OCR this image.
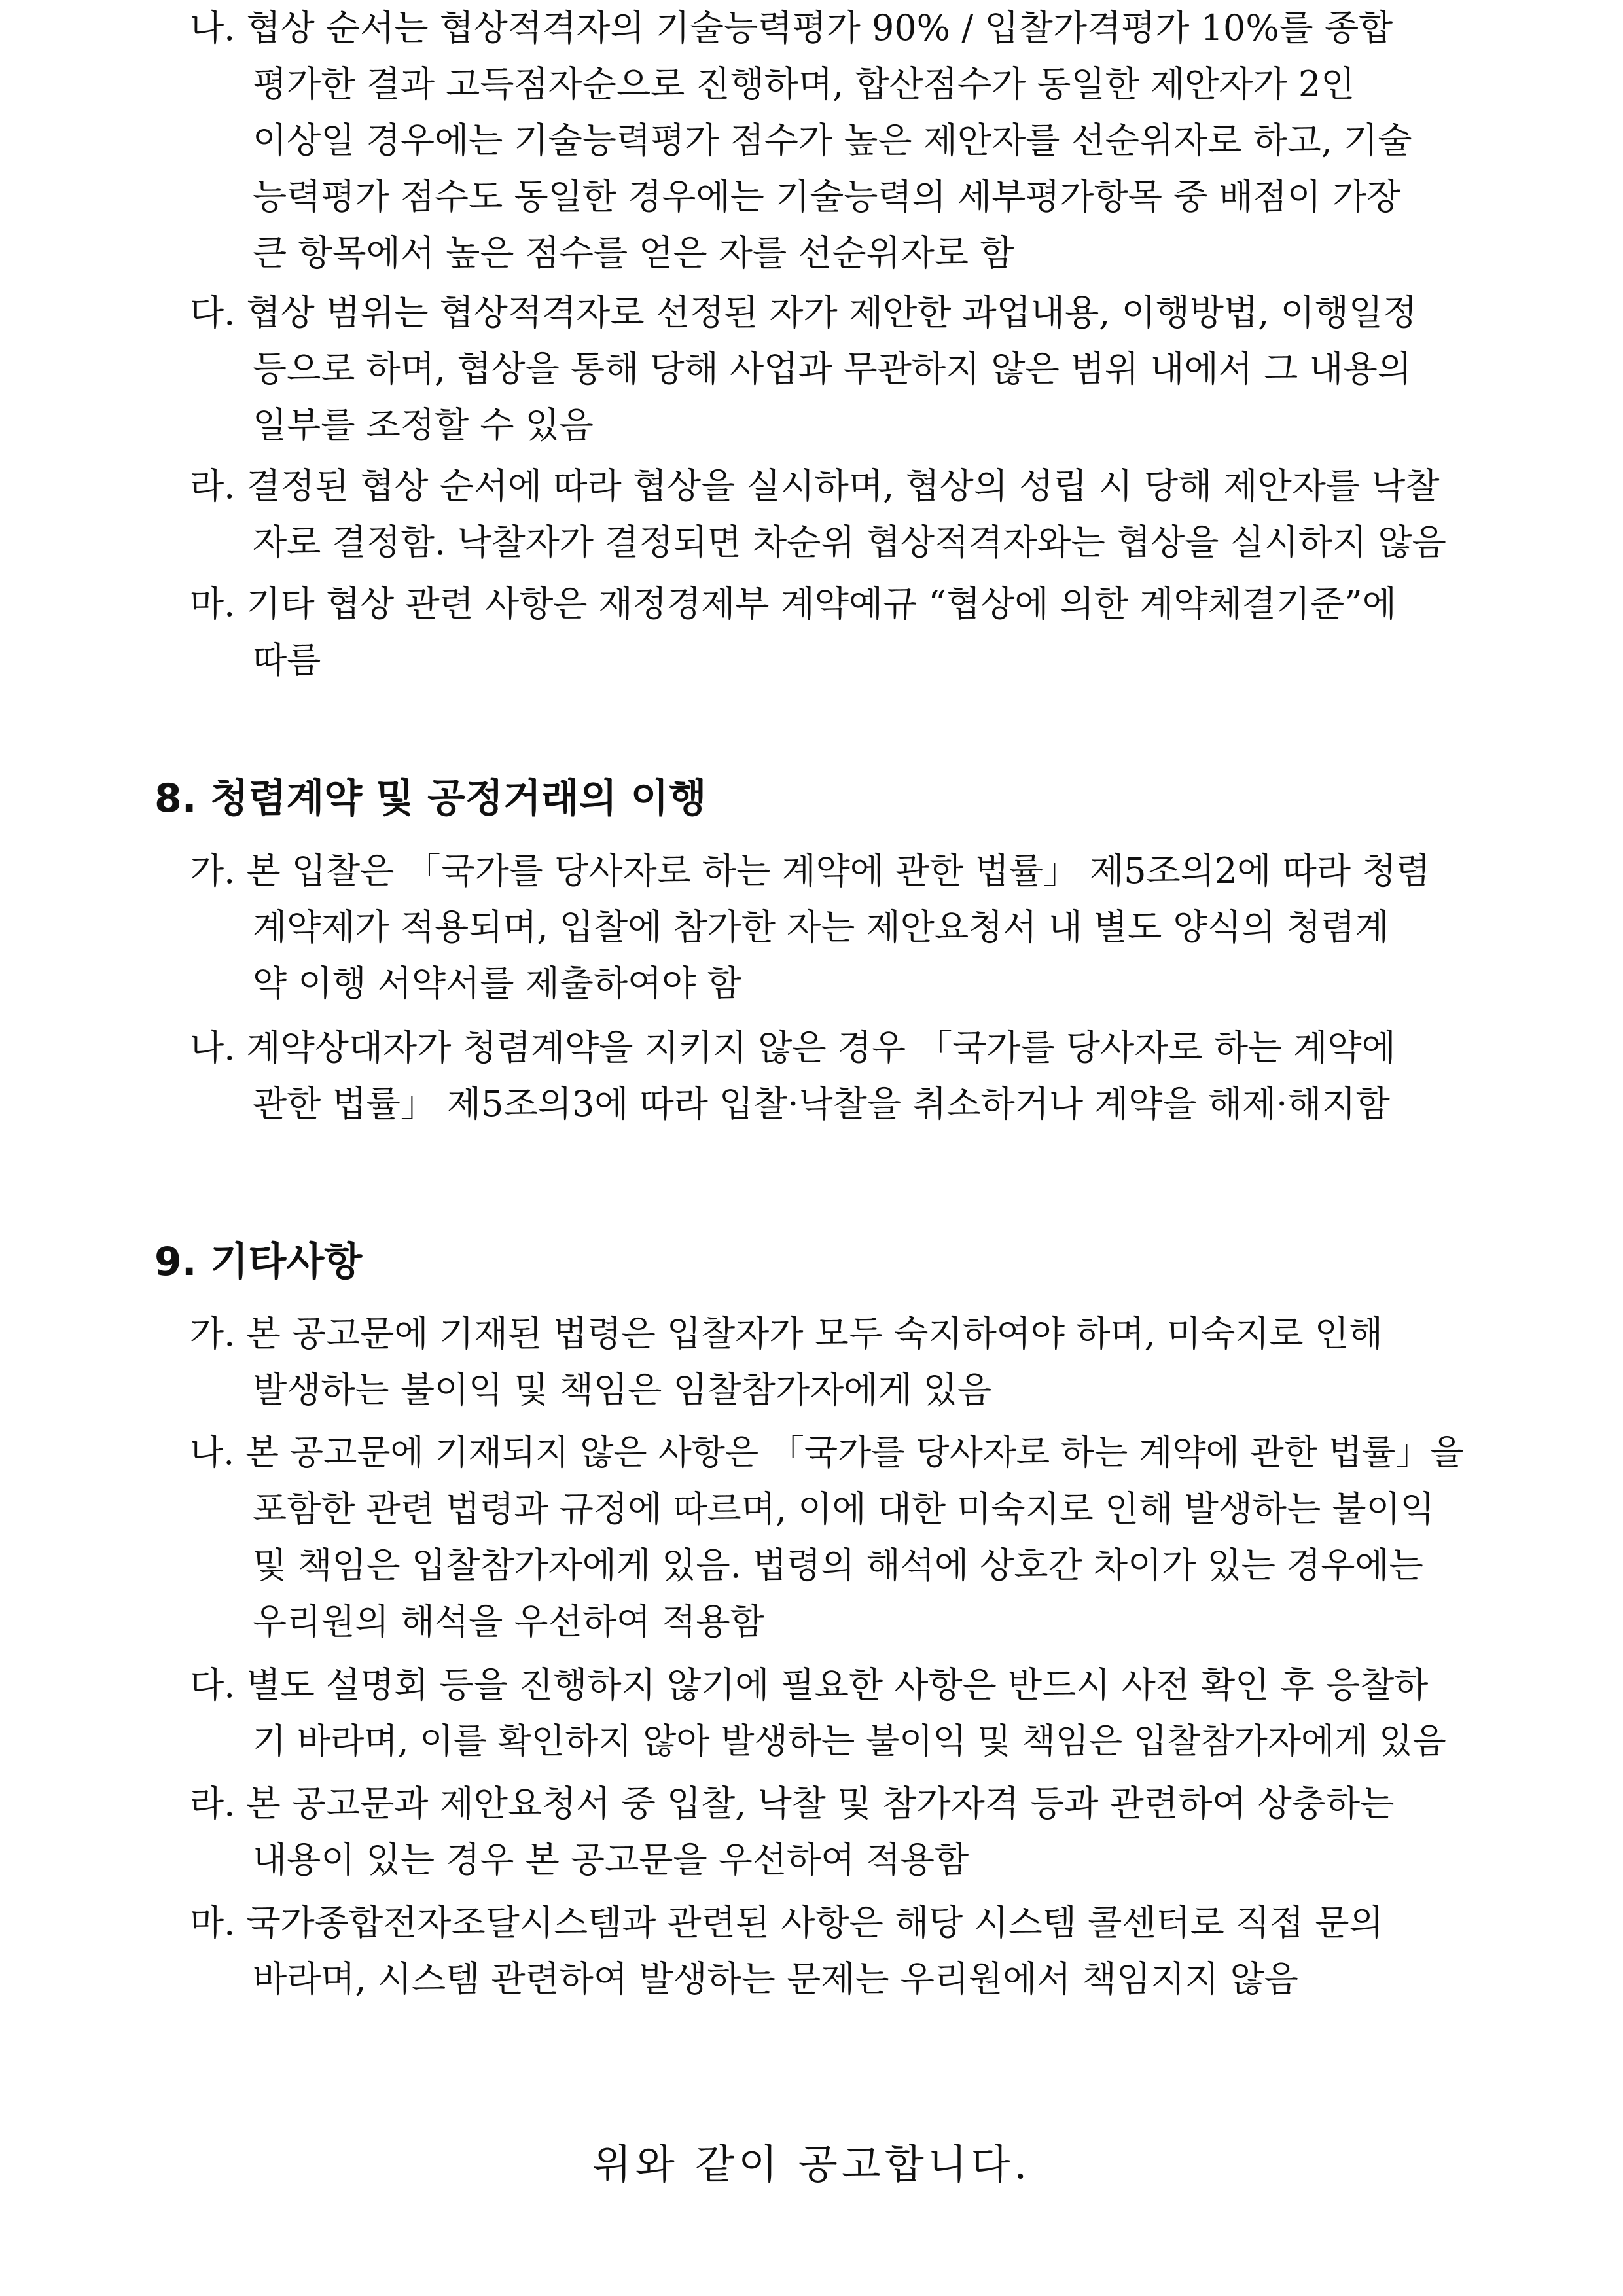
나. 협상 순서는 협상적격자의 기술능력평가 90% / 입찰가격평가 10%를 종합
평가한 결과 고득점자순으로 진행하며, 합산점수가 동일한 제안자가 2인
이상일 경우에는 기술능력평가 점수가 높은 제안자를 선순위자로 하고, 기술
능력평가 점수도 동일한 경우에는 기술능력의 세부평가항목 중 배점이 가장
큰 항목에서 높은 점수를 얻은 자를 선순위자로 함
다. 협상 범위는 협상적격자로 선정된 자가 제안한 과업내용, 이행방법, 이행일정
등으로 하며, 협상을 통해 당해 사업과 무관하지 않은 범위 내에서 그 내용의
일부를 조정할 수 있음
라. 결정된 협상 순서에 따라 협상을 실시하며, 협상의 성립 시 당해 제안자를 낙찰
자로 결정함. 낙찰자가 결정되면 차순위 협상적격자와는 협상을 실시하지 않음
마. 기타 협상 관련 사항은 재정경제부 계약예규 “협상에 의한 계약체결기준”에
따름
8. 청렴계약 및 공정거래의 이행
가. 본 입찰은 「국가를 당사자로 하는 계약에 관한 법률」 제5조의2에 따라 청렴
계약제가 적용되며, 입찰에 참가한 자는 제안요청서 내 별도 양식의 청렴계
약 이행 서약서를 제출하여야 함
나. 계약상대자가 청렴계약을 지키지 않은 경우 「국가를 당사자로 하는 계약에
관한 법률」 제5조의3에 따라 입찰·낙찰을 취소하거나 계약을 해제·해지함
9. 기타사항
가. 본 공고문에 기재된 법령은 입찰자가 모두 숙지하여야 하며, 미숙지로 인해
발생하는 불이익 및 책임은 임찰참가자에게 있음
나. 본 공고문에 기재되지 않은 사항은 「국가를 당사자로 하는 계약에 관한 법률」을
포함한 관련 법령과 규정에 따르며, 이에 대한 미숙지로 인해 발생하는 불이익
및 책임은 입찰참가자에게 있음. 법령의 해석에 상호간 차이가 있는 경우에는
우리원의 해석을 우선하여 적용함
다. 별도 설명회 등을 진행하지 않기에 필요한 사항은 반드시 사전 확인 후 응찰하
기 바라며, 이를 확인하지 않아 발생하는 불이익 및 책임은 입찰참가자에게 있음
라. 본 공고문과 제안요청서 중 입찰, 낙찰 및 참가자격 등과 관련하여 상충하는
내용이 있는 경우 본 공고문을 우선하여 적용함
마. 국가종합전자조달시스템과 관련된 사항은 해당 시스템 콜센터로 직접 문의
바라며, 시스템 관련하여 발생하는 문제는 우리원에서 책임지지 않음
위와 같이 공고합니다.
